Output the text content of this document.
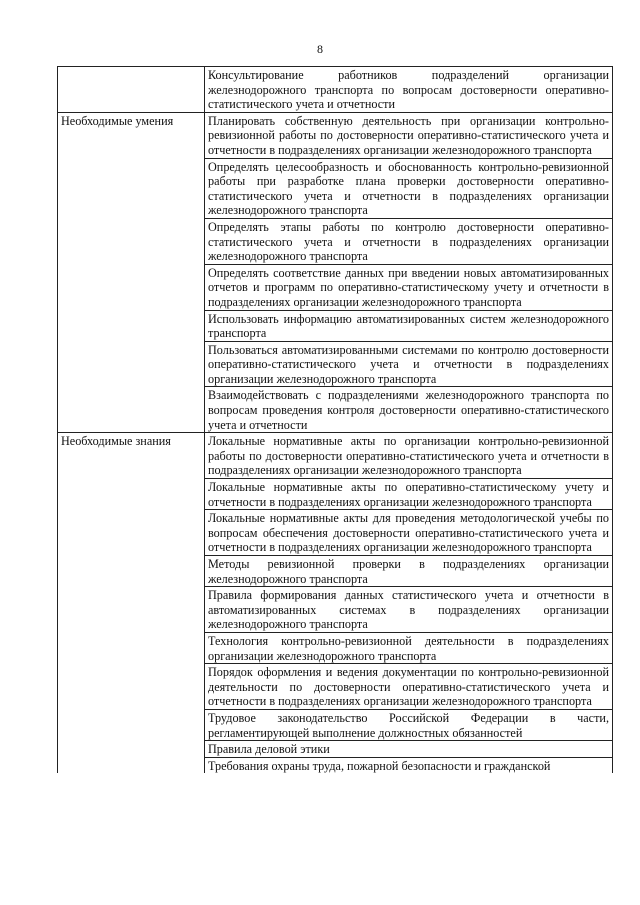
8
	Консультирование работников подразделений организации железнодорожного транспорта по вопросам достоверности оперативно-статистического учета и отчетности
Необходимые умения	Планировать собственную деятельность при организации контрольно-ревизионной работы по достоверности оперативно-статистического учета и отчетности в подразделениях организации железнодорожного транспорта
	Определять целесообразность и обоснованность контрольно-ревизионной работы при разработке плана проверки достоверности оперативно-статистического учета и отчетности в подразделениях организации железнодорожного транспорта
	Определять этапы работы по контролю достоверности оперативно-статистического учета и отчетности в подразделениях организации железнодорожного транспорта
	Определять соответствие данных при введении новых автоматизированных отчетов и программ по оперативно-статистическому учету и отчетности в подразделениях организации железнодорожного транспорта
	Использовать информацию автоматизированных систем железнодорожного транспорта
	Пользоваться автоматизированными системами по контролю достоверности оперативно-статистического учета и отчетности в подразделениях организации железнодорожного транспорта
	Взаимодействовать с подразделениями железнодорожного транспорта по вопросам проведения контроля достоверности оперативно-статистического учета и отчетности
Необходимые знания	Локальные нормативные акты по организации контрольно-ревизионной работы по достоверности оперативно-статистического учета и отчетности в подразделениях организации железнодорожного транспорта
	Локальные нормативные акты по оперативно-статистическому учету и отчетности в подразделениях организации железнодорожного транспорта
	Локальные нормативные акты для проведения методологической учебы по вопросам обеспечения достоверности оперативно-статистического учета и отчетности в подразделениях организации железнодорожного транспорта
	Методы ревизионной проверки в подразделениях организации железнодорожного транспорта
	Правила формирования данных статистического учета и отчетности в автоматизированных системах в подразделениях организации железнодорожного транспорта
	Технология контрольно-ревизионной деятельности в подразделениях организации железнодорожного транспорта
	Порядок оформления и ведения документации по контрольно-ревизионной деятельности по достоверности оперативно-статистического учета и отчетности в подразделениях организации железнодорожного транспорта
	Трудовое законодательство Российской Федерации в части, регламентирующей выполнение должностных обязанностей
	Правила деловой этики
	Требования охраны труда, пожарной безопасности и гражданской
